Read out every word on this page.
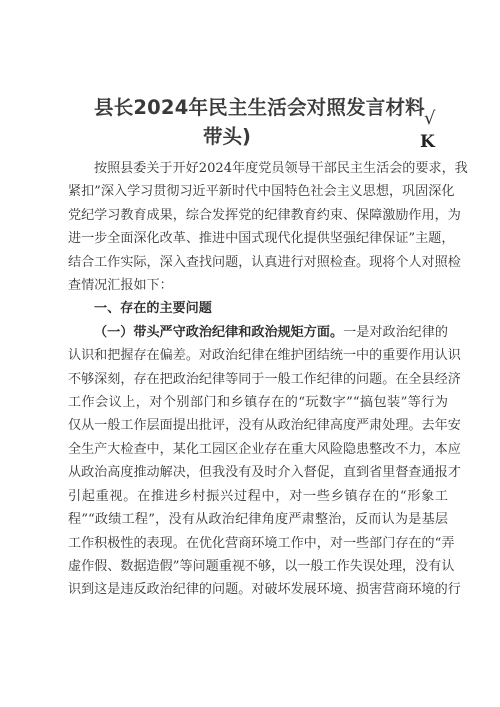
县长2024年民主生活会对照发言材料
带头)
√
K
按照县委关于开好2024年度党员领导干部民主生活会的要求，我
紧扣”深入学习贯彻习近平新时代中国特色社会主义思想，巩固深化
党纪学习教育成果，综合发挥党的纪律教育约束、保障激励作用，为
进一步全面深化改革、推进中国式现代化提供坚强纪律保证”主题，
结合工作实际，深入查找问题，认真进行对照检查。现将个人对照检
查情况汇报如下：
一、存在的主要问题
（一）带头严守政治纪律和政治规矩方面。一是对政治纪律的
认识和把握存在偏差。对政治纪律在维护团结统一中的重要作用认识
不够深刻，存在把政治纪律等同于一般工作纪律的问题。在全县经济
工作会议上，对个别部门和乡镇存在的“玩数字”“搞包装”等行为
仅从一般工作层面提出批评，没有从政治纪律高度严肃处理。去年安
全生产大检查中，某化工园区企业存在重大风险隐患整改不力，本应
从政治高度推动解决，但我没有及时介入督促，直到省里督查通报才
引起重视。在推进乡村振兴过程中，对一些乡镇存在的“形象工
程”“政绩工程”，没有从政治纪律角度严肃整治，反而认为是基层
工作积极性的表现。在优化营商环境工作中，对一些部门存在的“弄
虚作假、数据造假”等问题重视不够，以一般工作失误处理，没有认
识到这是违反政治纪律的问题。对破坏发展环境、损害营商环境的行
